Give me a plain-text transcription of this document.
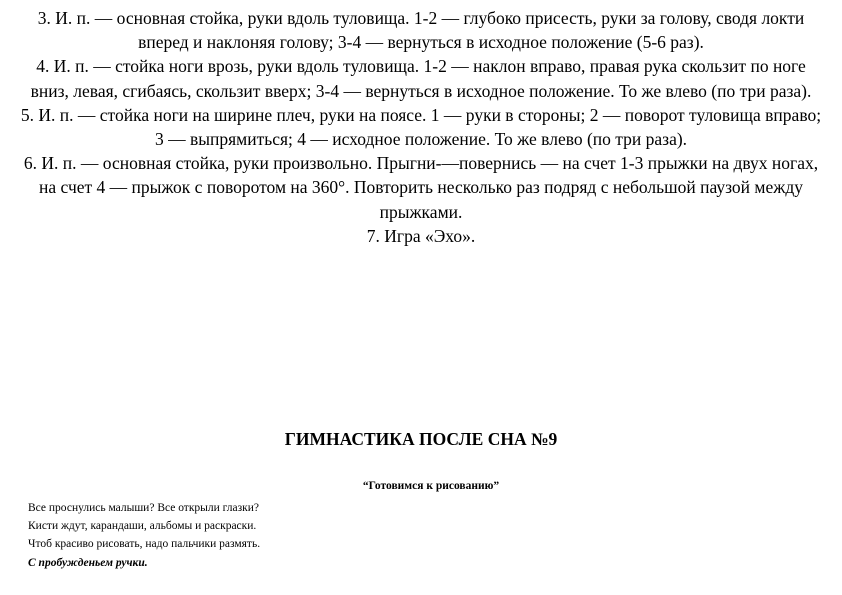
3. И. п. — основная стойка, руки вдоль туловища. 1-2 — глубоко присесть, руки за голову, сводя локти вперед и наклоняя голову; 3-4 — вернуться в исходное положение (5-6 раз).

4. И. п. — стойка ноги врозь, руки вдоль туловища. 1-2 — наклон вправо, правая рука скользит по ноге вниз, левая, сгибаясь, скользит вверх; 3-4 — вернуться в исходное положение. То же влево (по три раза).

5. И. п. — стойка ноги на ширине плеч, руки на поясе. 1 — руки в стороны; 2 — поворот туловища вправо; 3 — выпрямиться; 4 — исходное положение. То же влево (по три раза).

6. И. п. — основная стойка, руки произвольно. Прыгни-—повернись — на счет 1-3 прыжки на двух ногах, на счет 4 — прыжок с поворотом на 360°. Повторить несколько раз подряд с небольшой паузой между прыжками.

7. Игра «Эхо».

ГИМНАСТИКА ПОСЛЕ СНА №9
“Готовимся к рисованию”

Все проснулись малыши? Все открыли глазки?

Кисти ждут, карандаши, альбомы и раскраски.

Чтоб красиво рисовать, надо пальчики размять.

С пробужденьем ручки.
